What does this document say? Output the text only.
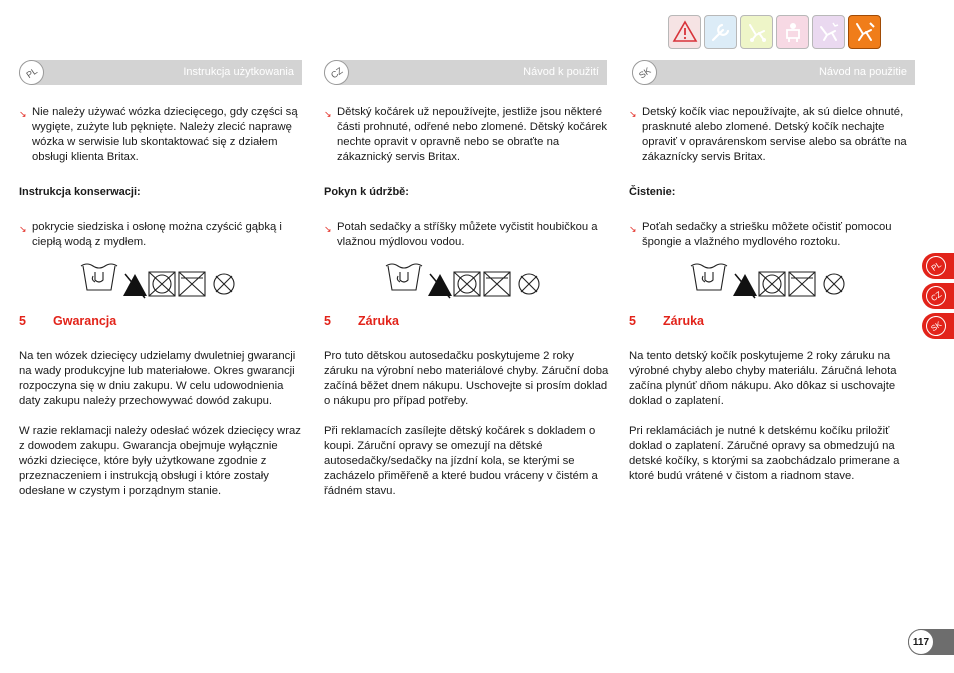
PL	Instrukcja użytkowania	CZ	Návod k použití	SK	Návod na použitie
↘ Nie należy używać wózka dziecięcego, gdy części są wygięte, zużyte lub pęknięte. Należy zlecić naprawę wózka w serwisie lub skontaktować się z działem obsługi klienta Britax.

Instrukcja konserwacji:

↘ pokrycie siedziska i osłonę można czyścić gąbką i ciepłą wodą z mydłem.

5	Gwarancja

Na ten wózek dziecięcy udzielamy dwuletniej gwarancji na wady produkcyjne lub materiałowe. Okres gwarancji rozpoczyna się w dniu zakupu. W celu udowodnienia daty zakupu należy przechowywać dowód zakupu.

W razie reklamacji należy odesłać wózek dziecięcy wraz z dowodem zakupu. Gwarancja obejmuje wyłącznie wózki dziecięce, które były użytkowane zgodnie z przeznaczeniem i instrukcją obsługi i które zostały odesłane w czystym i porządnym stanie.

↘ Dětský kočárek už nepoužívejte, jestliže jsou některé části prohnuté, odřené nebo zlomené. Dětský kočárek nechte opravit v opravně nebo se obraťte na zákaznický servis Britax.

Pokyn k údržbě:

↘ Potah sedačky a stříšky můžete vyčistit houbičkou a vlažnou mýdlovou vodou.

5	Záruka

Pro tuto dětskou autosedačku poskytujeme 2 roky záruku na výrobní nebo materiálové chyby. Záruční doba začíná běžet dnem nákupu. Uschovejte si prosím doklad o nákupu pro případ potřeby.

Při reklamacích zasílejte dětský kočárek s dokladem o koupi. Záruční opravy se omezují na dětské autosedačky/sedačky na jízdní kola, se kterými se zacházelo přiměřeně a které budou vráceny v čistém a řádném stavu.

↘ Detský kočík viac nepoužívajte, ak sú dielce ohnuté, prasknuté alebo zlomené. Detský kočík nechajte opraviť v opravárenskom servise alebo sa obráťte na zákaznícky servis Britax.

Čistenie:

↘ Poťah sedačky a striešku môžete očistiť pomocou špongie a vlažného mydlového roztoku.

5	Záruka

Na tento detský kočík poskytujeme 2 roky záruku na výrobné chyby alebo chyby materiálu. Záručná lehota začína plynúť dňom nákupu. Ako dôkaz si uschovajte doklad o zaplatení.

Pri reklamáciách je nutné k detskému kočíku priložiť doklad o zaplatení. Záručné opravy sa obmedzujú na detské kočíky, s ktorými sa zaobchádzalo primerane a ktoré budú vrátené v čistom a riadnom stave.

PL
CZ
SK
117
